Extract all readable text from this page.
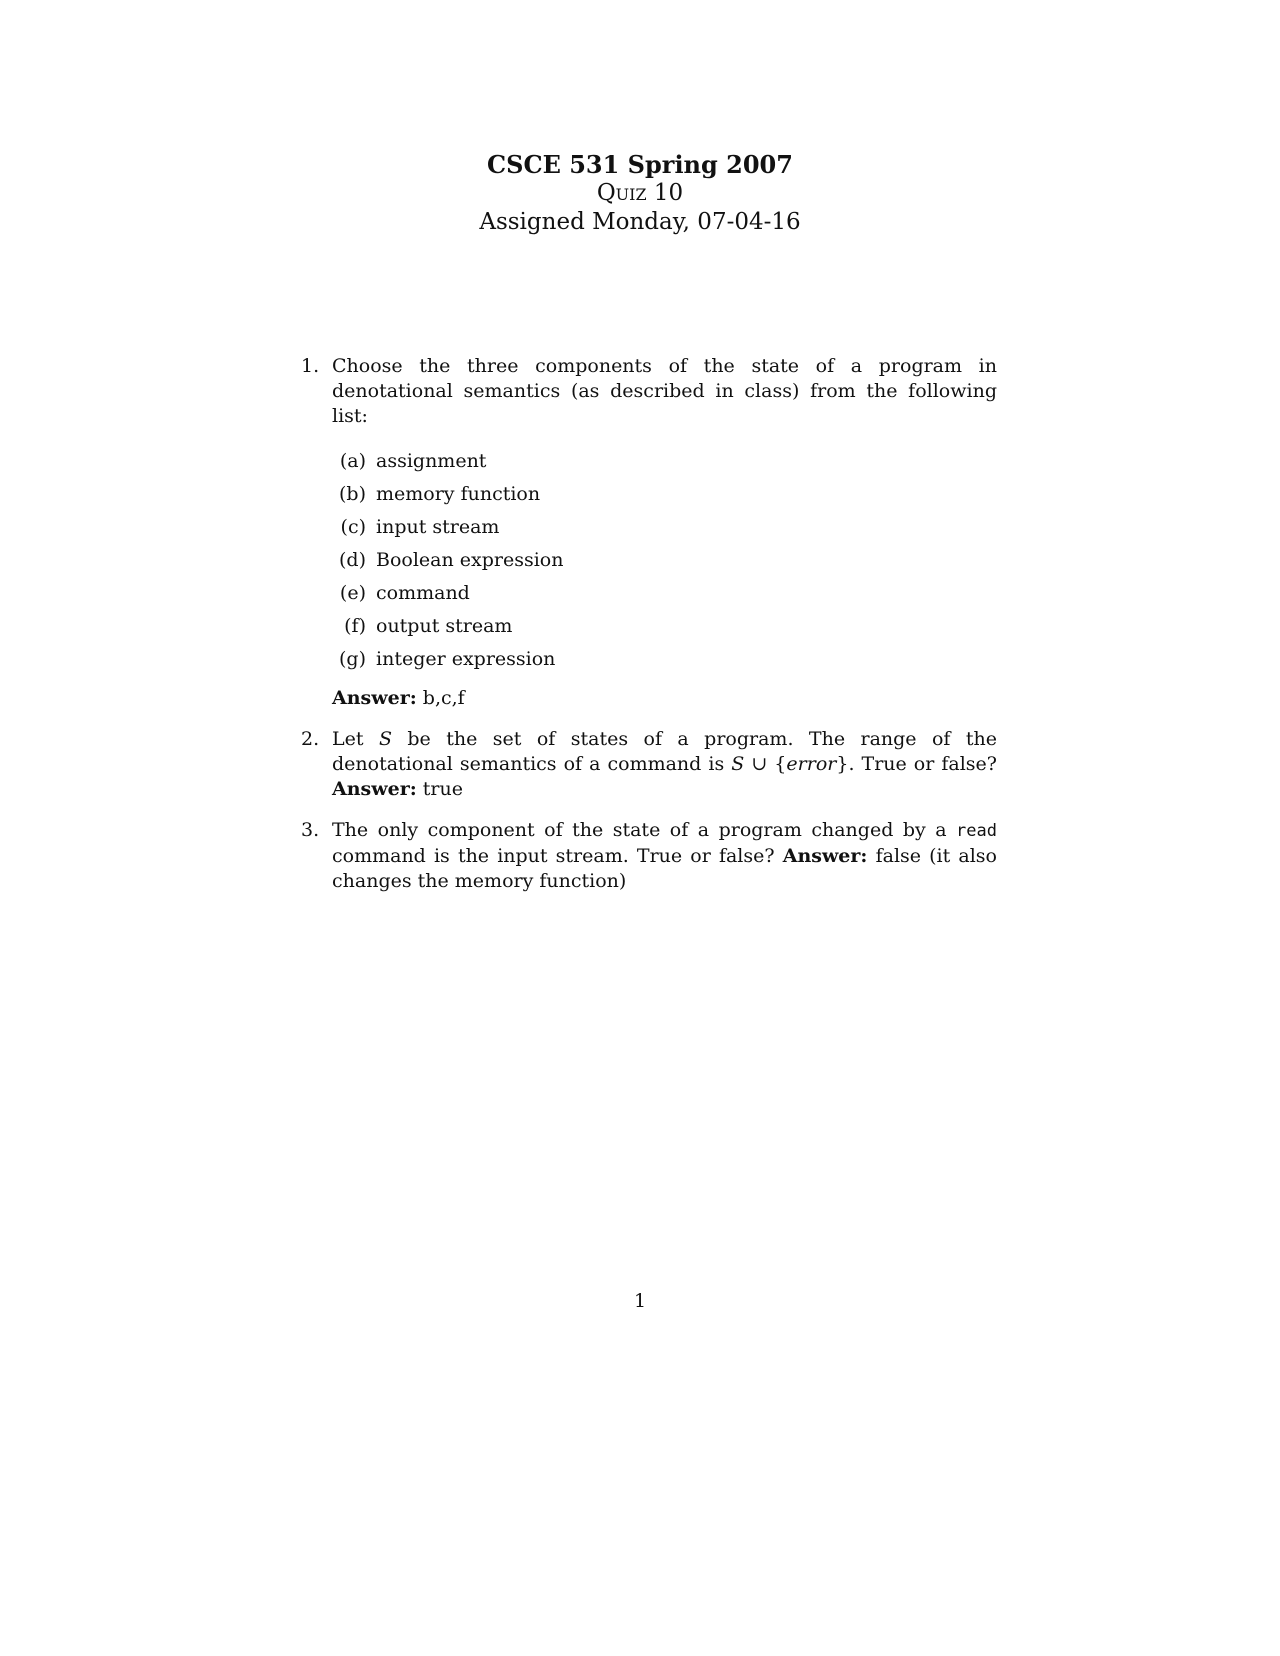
CSCE 531 Spring 2007
Quiz 10
Assigned Monday, 07-04-16
1. Choose the three components of the state of a program in denotational semantics (as described in class) from the following list:
(a) assignment
(b) memory function
(c) input stream
(d) Boolean expression
(e) command
(f) output stream
(g) integer expression
Answer: b,c,f
2. Let S be the set of states of a program. The range of the denotational semantics of a command is S ∪ {error}. True or false? Answer: true
3. The only component of the state of a program changed by a read command is the input stream. True or false? Answer: false (it also changes the memory function)
1
